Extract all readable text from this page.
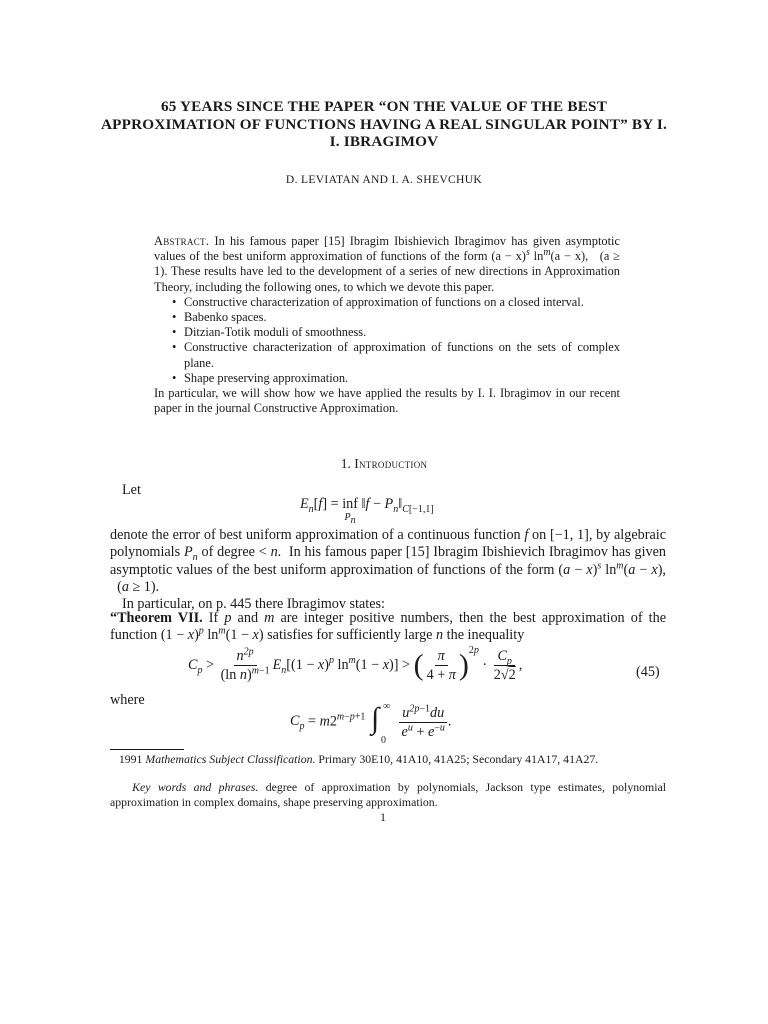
65 YEARS SINCE THE PAPER “ON THE VALUE OF THE BEST APPROXIMATION OF FUNCTIONS HAVING A REAL SINGULAR POINT” BY I. I. IBRAGIMOV
D. LEVIATAN AND I. A. SHEVCHUK
Abstract. In his famous paper [15] Ibragim Ibishievich Ibragimov has given asymptotic values of the best uniform approximation of functions of the form $(a - x)^s$ $\ln^m(a - x)$, (a ≥ 1). These results have led to the development of a series of new directions in Approximation Theory, including the following ones, to which we devote this paper.
• Constructive characterization of approximation of functions on a closed interval.
• Babenko spaces.
• Ditzian-Totik moduli of smoothness.
• Constructive characterization of approximation of functions on the sets of complex plane.
• Shape preserving approximation.
In particular, we will show how we have applied the results by I. I. Ibragimov in our recent paper in the journal Constructive Approximation.
1. Introduction
Let
$E_n[f]$ = inf

$P_n$
‖f − $P_n‖_{C[-1,1]}$
denote the error of best uniform approximation of a continuous function f on [−1, 1], by algebraic polynomials $P_n$ of degree < n.  In his famous paper [15] Ibragim Ibishievich Ibragimov has given asymptotic values of the best uniform approximation of functions of the form $(a - x)^s$ $\ln^m(a - x)$,   (a ≥ 1).
In particular, on p. 445 there Ibragimov states:
“Theorem VII. If p and m are integer positive numbers, then the best approximation of the function $(1 - x)^p$ $\ln^m(1 - x)$ satisfies for sufficiently large n the inequality
$C_p > \frac{n^{2p}}{(\ln n)^{m-1}} E_n[(1 - x)^p$ $\ln^m(1 - x)$] > ( $\frac{\pi}{4 + \pi} )^{2p} \cdot \frac{C_p}{2√2}$ ,	(45)
where
$C_p = m2^{m-p+1}$ ∫ ∞
0

$\frac{u^{2p-1}du}{e^u + e^{-u}}$ .
1991 Mathematics Subject Classification. Primary 30E10, 41A10, 41A25; Secondary 41A17, 41A27.
Key words and phrases. degree of approximation by polynomials, Jackson type estimates, polynomial approximation in complex domains, shape preserving approximation.
1
